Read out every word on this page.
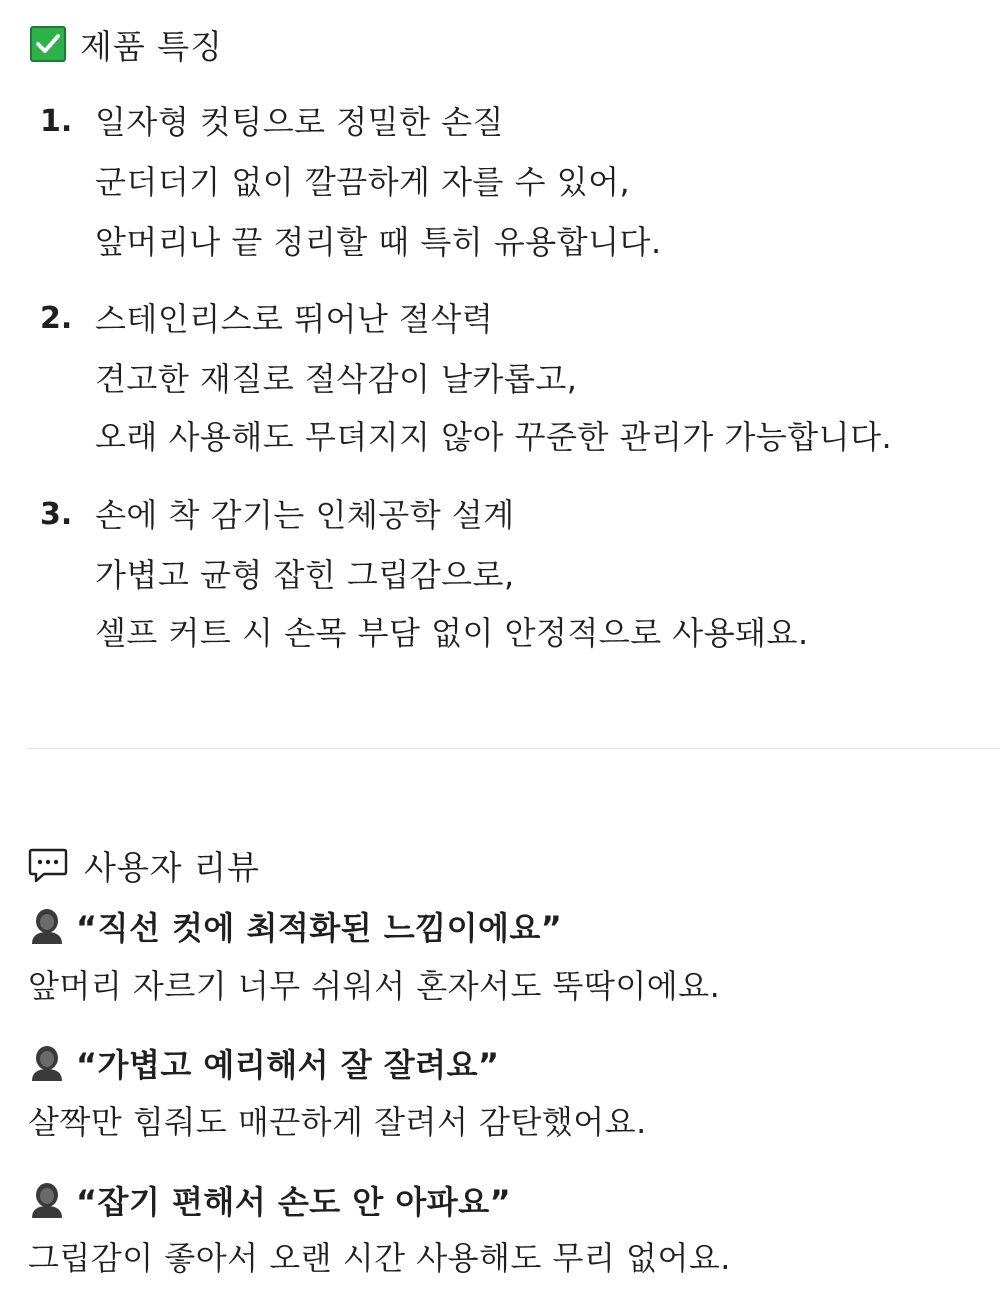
제품 특징
1. 일자형 컷팅으로 정밀한 손질
군더더기 없이 깔끔하게 자를 수 있어,
앞머리나 끝 정리할 때 특히 유용합니다.
2. 스테인리스로 뛰어난 절삭력
견고한 재질로 절삭감이 날카롭고,
오래 사용해도 무뎌지지 않아 꾸준한 관리가 가능합니다.
3. 손에 착 감기는 인체공학 설계
가볍고 균형 잡힌 그립감으로,
셀프 커트 시 손목 부담 없이 안정적으로 사용돼요.
사용자 리뷰
“직선 컷에 최적화된 느낌이에요”
앞머리 자르기 너무 쉬워서 혼자서도 뚝딱이에요.
“가볍고 예리해서 잘 잘려요”
살짝만 힘줘도 매끈하게 잘려서 감탄했어요.
“잡기 편해서 손도 안 아파요”
그립감이 좋아서 오랜 시간 사용해도 무리 없어요.
